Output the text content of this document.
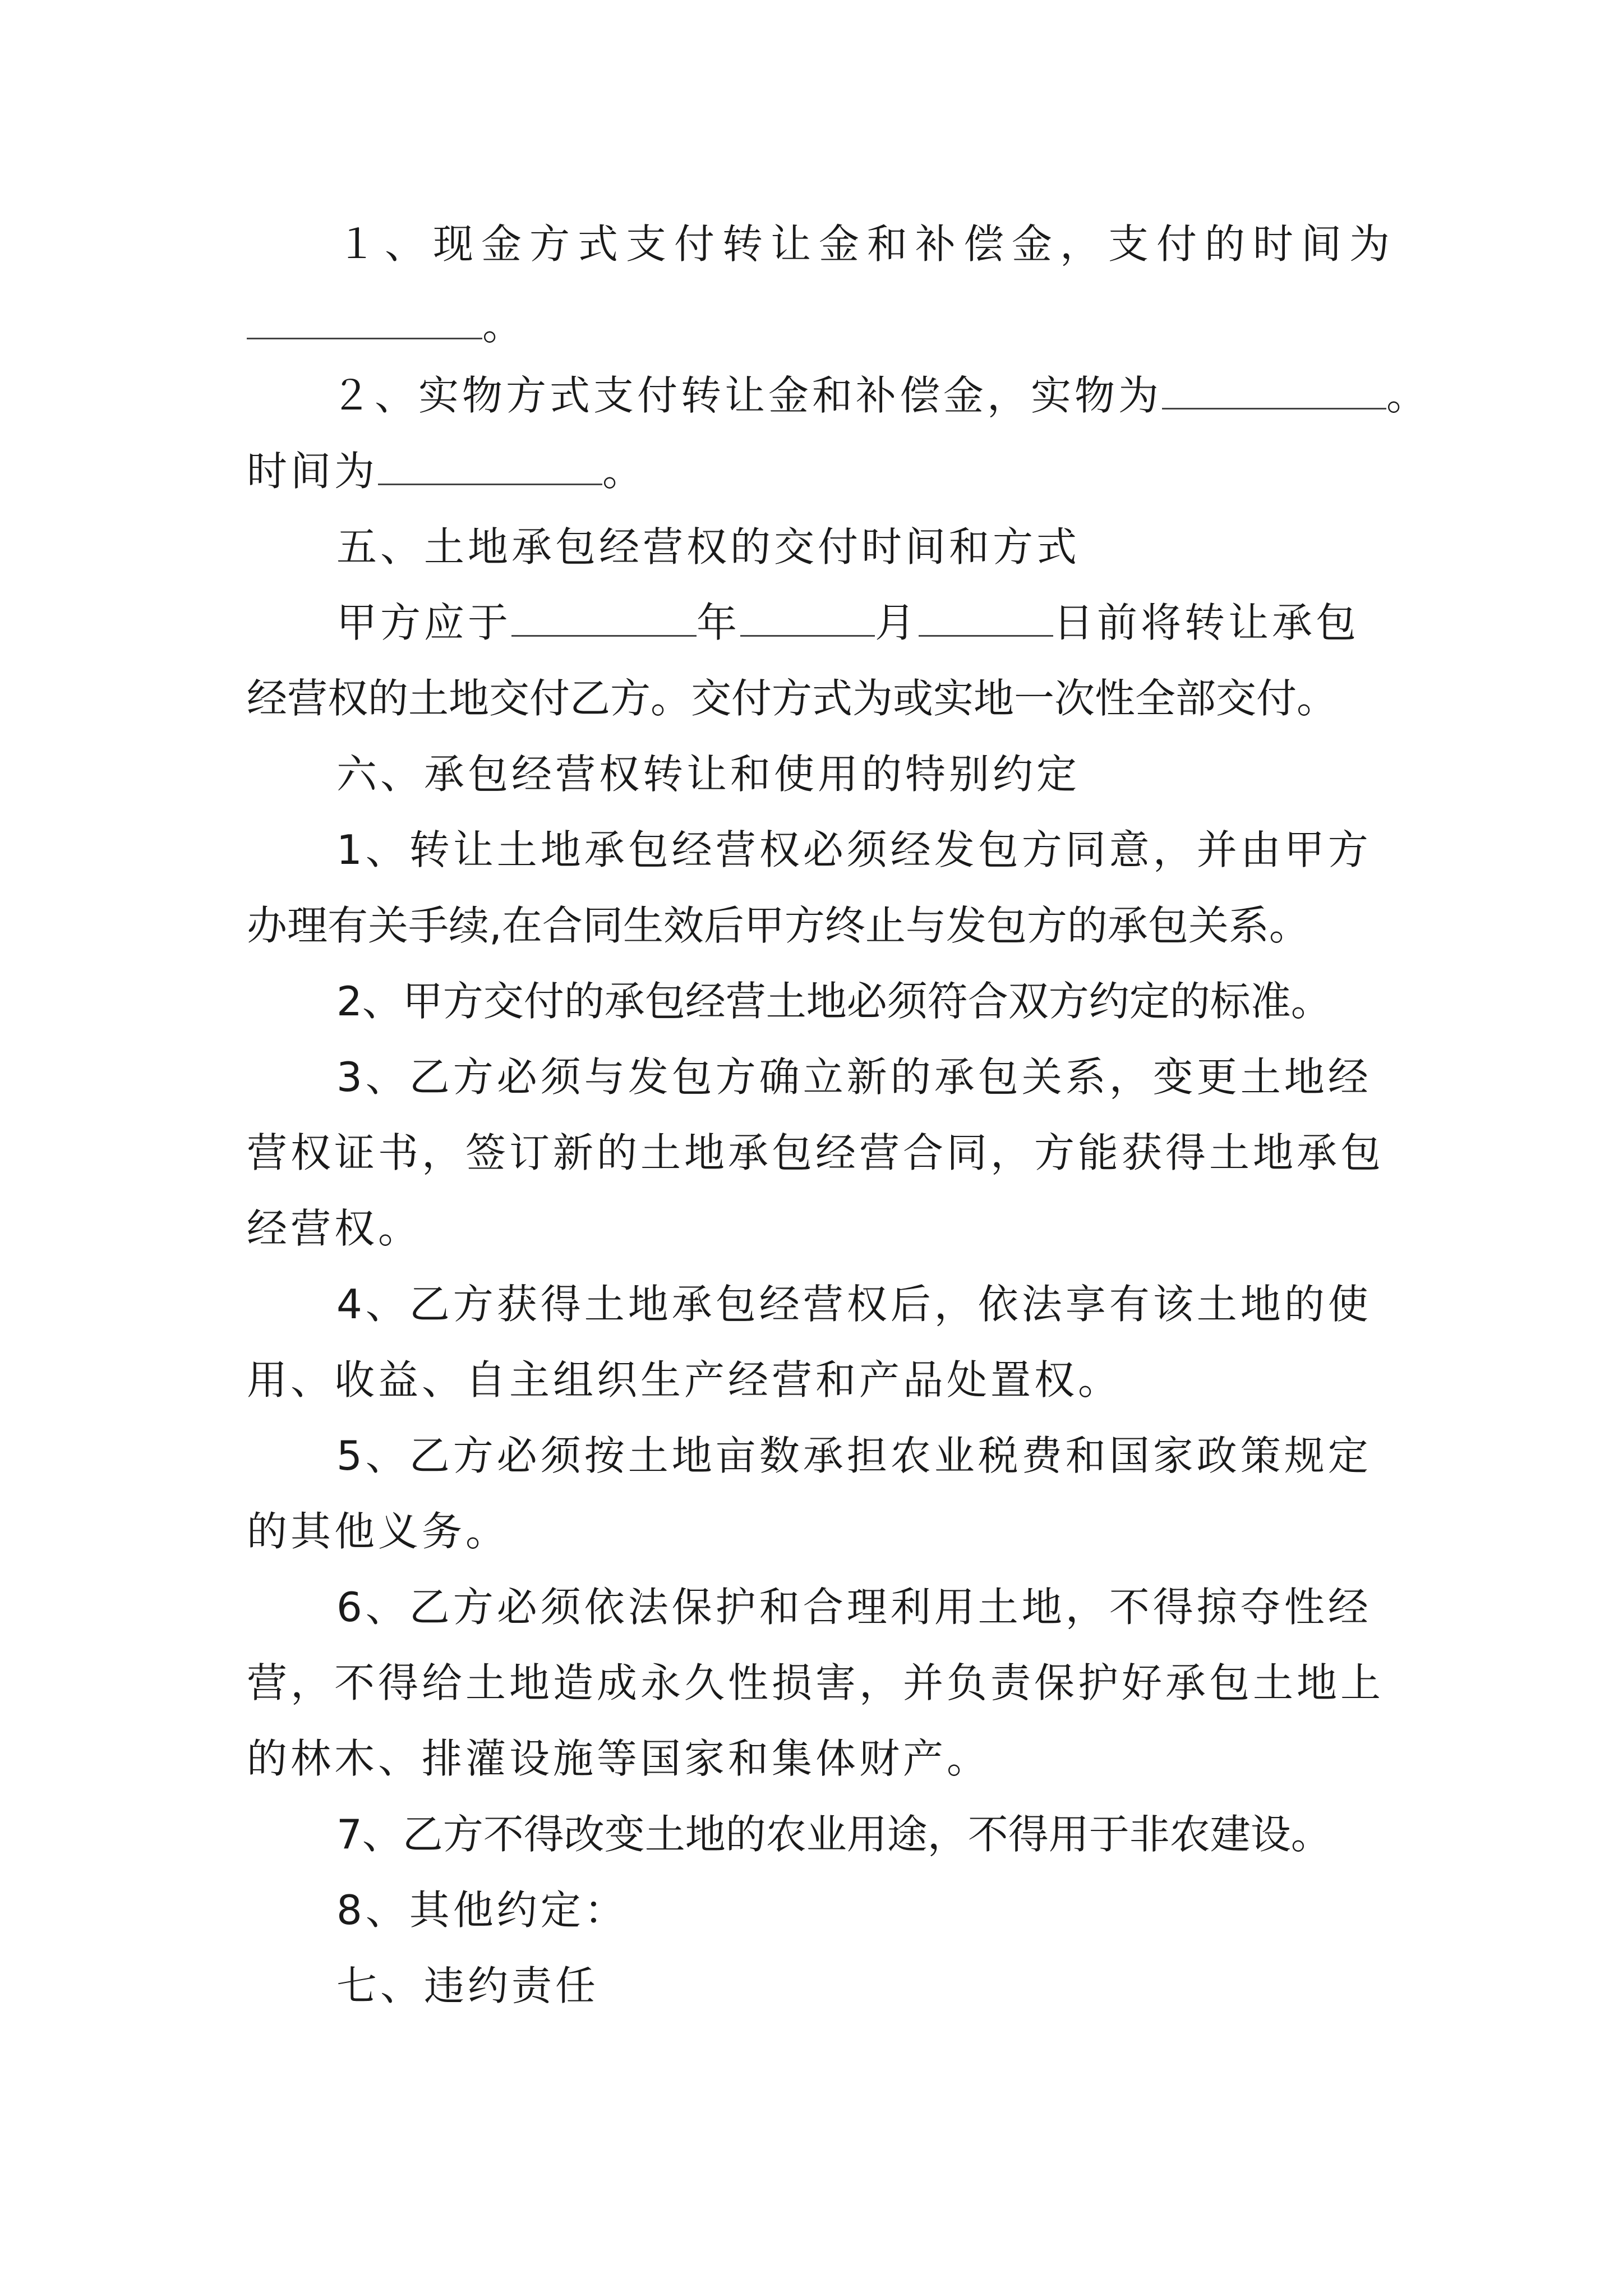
１、现金方式支付转让金和补偿金，支付的时间为
。
２、实物方式支付转让金和补偿金，实物为	。
时间为	。
五、土地承包经营权的交付时间和方式
甲方应于	年	月	日前将转让承包
经营权的土地交付乙方。交付方式为或实地一次性全部交付。
六、承包经营权转让和使用的特别约定
1、转让土地承包经营权必须经发包方同意，并由甲方
办理有关手续,在合同生效后甲方终止与发包方的承包关系。
2、甲方交付的承包经营土地必须符合双方约定的标准。
3、乙方必须与发包方确立新的承包关系，变更土地经
营权证书，签订新的土地承包经营合同，方能获得土地承包
经营权。
4、乙方获得土地承包经营权后，依法享有该土地的使
用、收益、自主组织生产经营和产品处置权。
5、乙方必须按土地亩数承担农业税费和国家政策规定
的其他义务。
6、乙方必须依法保护和合理利用土地，不得掠夺性经
营，不得给土地造成永久性损害，并负责保护好承包土地上
的林木、排灌设施等国家和集体财产。
7、乙方不得改变土地的农业用途，不得用于非农建设。
8、其他约定：
七、违约责任
